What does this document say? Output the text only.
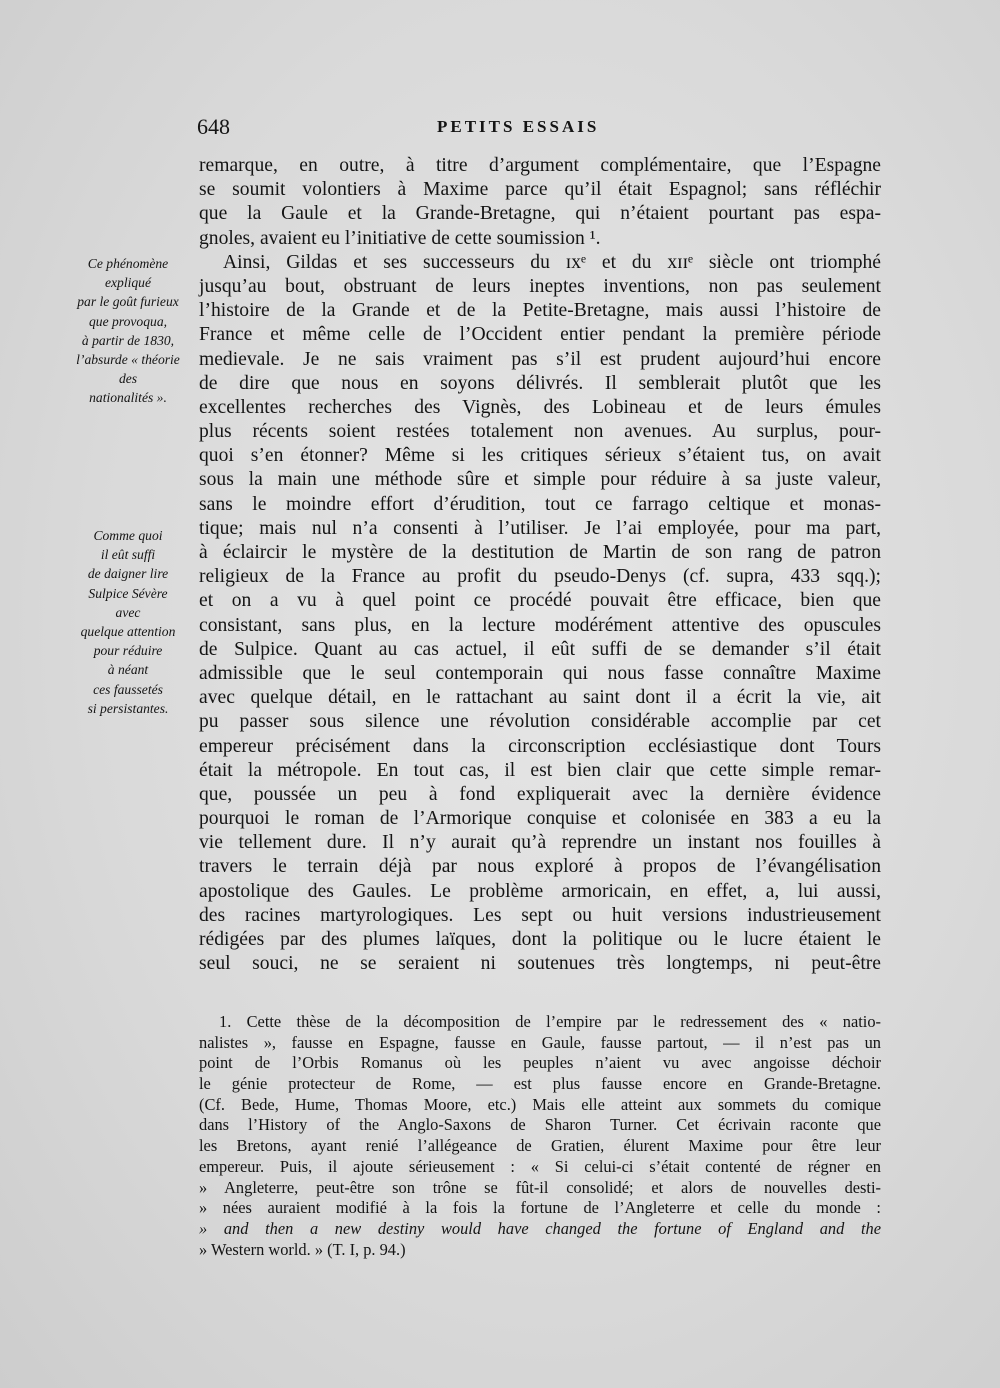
648	PETITS ESSAIS
Ce phénomène
expliqué
par le goût furieux
que provoqua,
à partir de 1830,
l’absurde « théorie
des
nationalités ».
Comme quoi
il eût suffi
de daigner lire
Sulpice Sévère
avec
quelque attention
pour réduire
à néant
ces faussetés
si persistantes.
remarque, en outre, à titre d’argument complémentaire, que l’Espagne
se soumit volontiers à Maxime parce qu’il était Espagnol; sans réfléchir
que la Gaule et la Grande-Bretagne, qui n’étaient pourtant pas espa-
gnoles, avaient eu l’initiative de cette soumission ¹.
Ainsi, Gildas et ses successeurs du ɪxᵉ et du xɪɪᵉ siècle ont triomphé
jusqu’au bout, obstruant de leurs ineptes inventions, non pas seulement
l’histoire de la Grande et de la Petite-Bretagne, mais aussi l’histoire de
France et même celle de l’Occident entier pendant la première période
medievale. Je ne sais vraiment pas s’il est prudent aujourd’hui encore
de dire que nous en soyons délivrés. Il semblerait plutôt que les
excellentes recherches des Vignès, des Lobineau et de leurs émules
plus récents soient restées totalement non avenues. Au surplus, pour-
quoi s’en étonner? Même si les critiques sérieux s’étaient tus, on avait
sous la main une méthode sûre et simple pour réduire à sa juste valeur,
sans le moindre effort d’érudition, tout ce farrago celtique et monas-
tique; mais nul n’a consenti à l’utiliser. Je l’ai employée, pour ma part,
à éclaircir le mystère de la destitution de Martin de son rang de patron
religieux de la France au profit du pseudo-Denys (cf. supra, 433 sqq.);
et on a vu à quel point ce procédé pouvait être efficace, bien que
consistant, sans plus, en la lecture modérément attentive des opuscules
de Sulpice. Quant au cas actuel, il eût suffi de se demander s’il était
admissible que le seul contemporain qui nous fasse connaître Maxime
avec quelque détail, en le rattachant au saint dont il a écrit la vie, ait
pu passer sous silence une révolution considérable accomplie par cet
empereur précisément dans la circonscription ecclésiastique dont Tours
était la métropole. En tout cas, il est bien clair que cette simple remar-
que, poussée un peu à fond expliquerait avec la dernière évidence
pourquoi le roman de l’Armorique conquise et colonisée en 383 a eu la
vie tellement dure. Il n’y aurait qu’à reprendre un instant nos fouilles à
travers le terrain déjà par nous exploré à propos de l’évangélisation
apostolique des Gaules. Le problème armoricain, en effet, a, lui aussi,
des racines martyrologiques. Les sept ou huit versions industrieusement
rédigées par des plumes laïques, dont la politique ou le lucre étaient le
seul souci, ne se seraient ni soutenues très longtemps, ni peut-être
1. Cette thèse de la décomposition de l’empire par le redressement des « natio-
nalistes », fausse en Espagne, fausse en Gaule, fausse partout, — il n’est pas un
point de l’Orbis Romanus où les peuples n’aient vu avec angoisse déchoir
le génie protecteur de Rome, — est plus fausse encore en Grande-Bretagne.
(Cf. Bede, Hume, Thomas Moore, etc.) Mais elle atteint aux sommets du comique
dans l’History of the Anglo-Saxons de Sharon Turner. Cet écrivain raconte que
les Bretons, ayant renié l’allégeance de Gratien, élurent Maxime pour être leur
empereur. Puis, il ajoute sérieusement : « Si celui-ci s’était contenté de régner en
» Angleterre, peut-être son trône se fût-il consolidé; et alors de nouvelles desti-
» nées auraient modifié à la fois la fortune de l’Angleterre et celle du monde :
» and then a new destiny would have changed the fortune of England and the
» Western world. » (T. I, p. 94.)
